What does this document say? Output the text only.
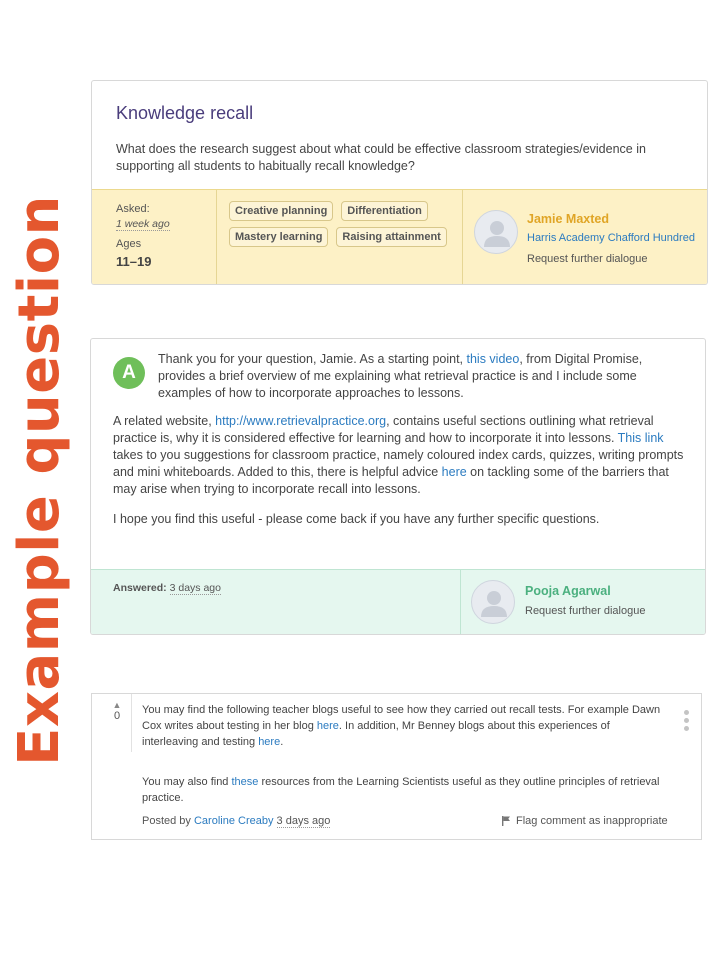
Example question
Knowledge recall
What does the research suggest about what could be effective classroom strategies/evidence in supporting all students to habitually recall knowledge?
Asked:
1 week ago
Ages
11–19
Creative planning	Differentiation
Mastery learning	Raising attainment
Jamie Maxted
Harris Academy Chafford Hundred
Request further dialogue
A
Thank you for your question, Jamie. As a starting point, this video, from Digital Promise, provides a brief overview of me explaining what retrieval practice is and I include some examples of how to incorporate approaches to lessons.
A related website, http://www.retrievalpractice.org, contains useful sections outlining what retrieval practice is, why it is considered effective for learning and how to incorporate it into lessons. This link takes to you suggestions for classroom practice, namely coloured index cards, quizzes, writing prompts and mini whiteboards. Added to this, there is helpful advice here on tackling some of the barriers that may arise when trying to incorporate recall into lessons.
I hope you find this useful - please come back if you have any further specific questions.
Answered: 3 days ago	Pooja Agarwal
Request further dialogue
▲
0	You may find the following teacher blogs useful to see how they carried out recall tests. For example Dawn Cox writes about testing in her blog here. In addition, Mr Benney blogs about this experiences of interleaving and testing here.
You may also find these resources from the Learning Scientists useful as they outline principles of retrieval practice.
Posted by Caroline Creaby 3 days ago	Flag comment as inappropriate
